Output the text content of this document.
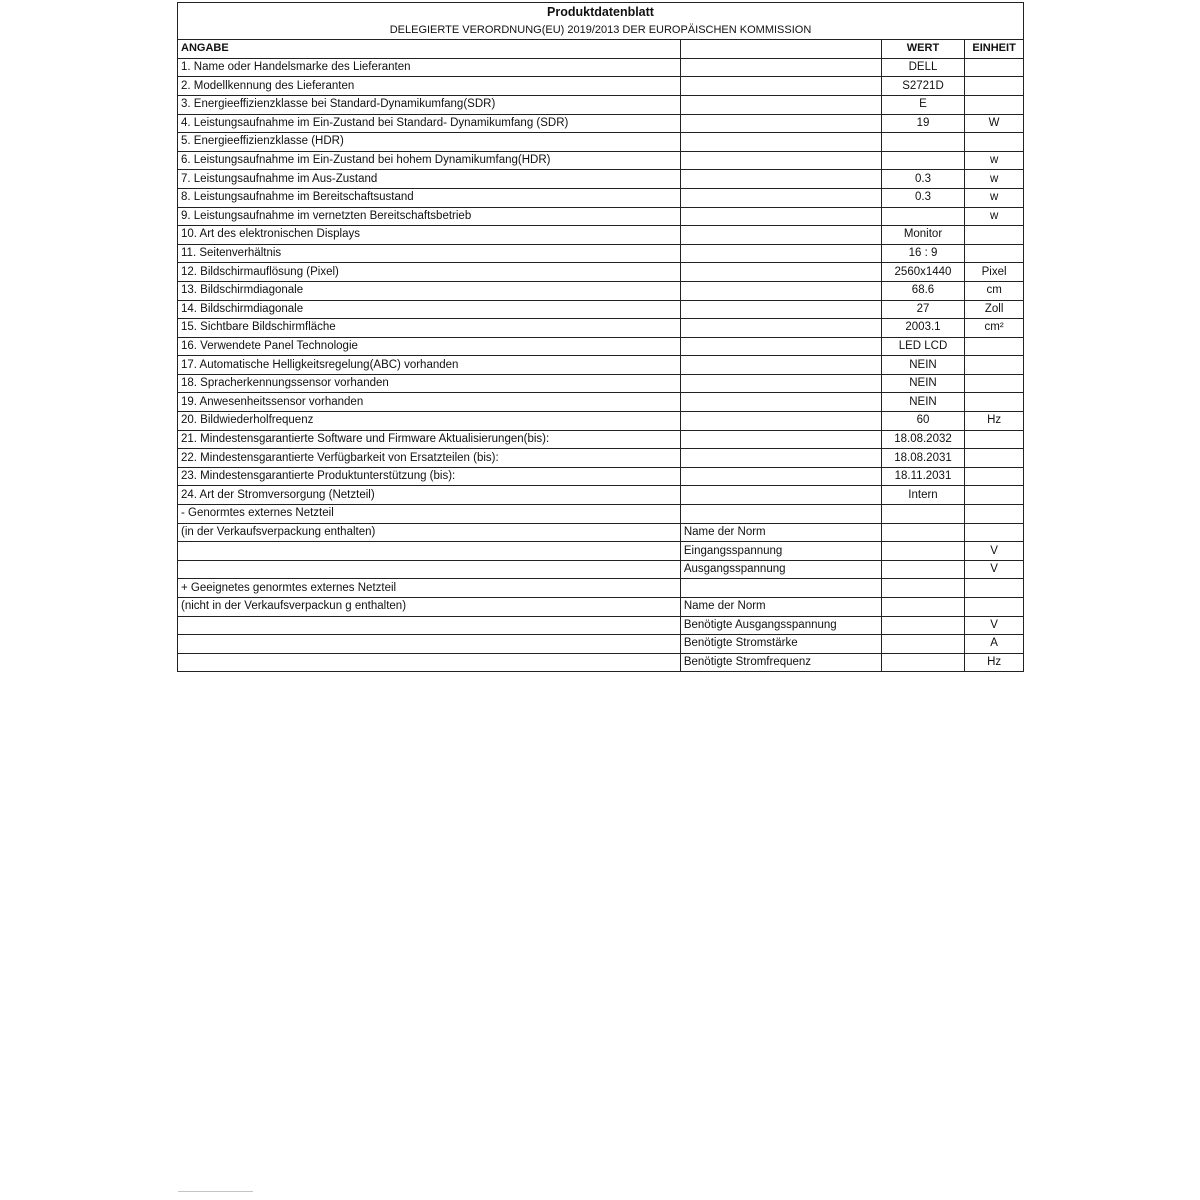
Produktdatenblatt			
DELEGIERTE VERORDNUNG(EU) 2019/2013 DER EUROPÄISCHEN KOMMISSION			
ANGABE		WERT	EINHEIT
1. Name oder Handelsmarke des Lieferanten		DELL	
2. Modellkennung des Lieferanten		S2721D	
3. Energieeffizienzklasse bei Standard-Dynamikumfang(SDR)		E	
4. Leistungsaufnahme im Ein-Zustand bei Standard- Dynamikumfang (SDR)		19	W
5. Energieeffizienzklasse (HDR)			
6. Leistungsaufnahme im Ein-Zustand bei hohem Dynamikumfang(HDR)			w
7. Leistungsaufnahme im Aus-Zustand		0.3	w
8. Leistungsaufnahme im Bereitschaftsustand		0.3	w
9. Leistungsaufnahme im vernetzten Bereitschaftsbetrieb			w
10. Art des elektronischen Displays		Monitor	
11. Seitenverhältnis		16 : 9	
12. Bildschirmauflösung (Pixel)		2560x1440	Pixel
13. Bildschirmdiagonale		68.6	cm
14. Bildschirmdiagonale		27	Zoll
15. Sichtbare Bildschirmfläche		2003.1	cm²
16. Verwendete Panel Technologie		LED LCD	
17. Automatische Helligkeitsregelung(ABC) vorhanden		NEIN	
18. Spracherkennungssensor vorhanden		NEIN	
19. Anwesenheitssensor vorhanden		NEIN	
20. Bildwiederholfrequenz		60	Hz
21. Mindestensgarantierte Software und Firmware Aktualisierungen(bis):		18.08.2032	
22. Mindestensgarantierte Verfügbarkeit von Ersatzteilen (bis):		18.08.2031	
23. Mindestensgarantierte Produktunterstützung (bis):		18.11.2031	
24. Art der Stromversorgung (Netzteil)		Intern	
- Genormtes externes Netzteil			
(in der Verkaufsverpackung enthalten)	Name der Norm		
	Eingangsspannung		V
	Ausgangsspannung		V
+ Geeignetes genormtes externes Netzteil			
(nicht in der Verkaufsverpackun g enthalten)	Name der Norm		
	Benötigte Ausgangsspannung		V
	Benötigte Stromstärke		A
	Benötigte Stromfrequenz		Hz
———————————————
